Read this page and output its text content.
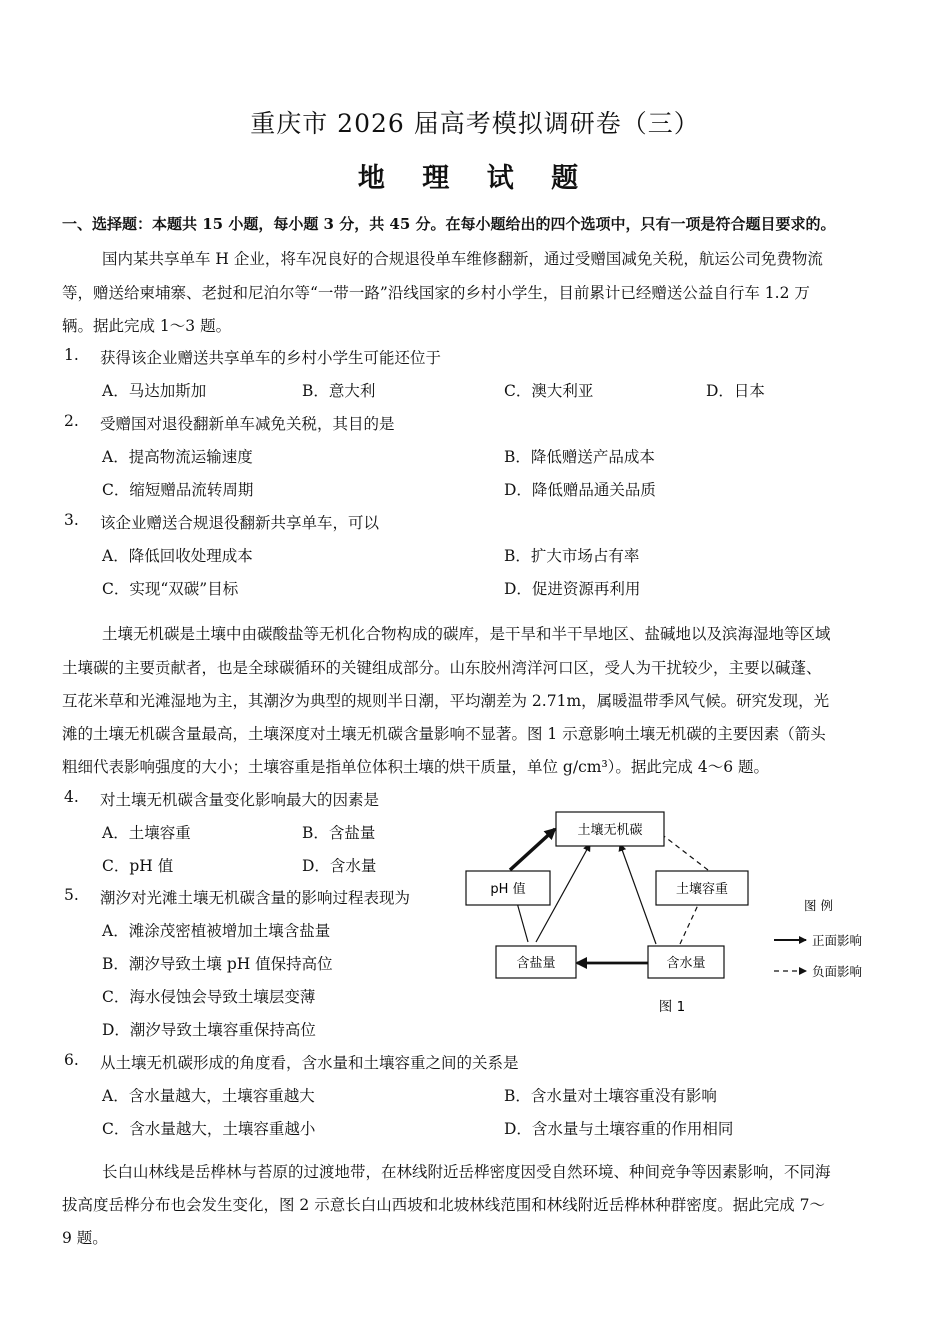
重庆市 2026 届高考模拟调研卷（三）
地 理 试 题
一、选择题：本题共 15 小题，每小题 3 分，共 45 分。在每小题给出的四个选项中，只有一项是符合题目要求的。
国内某共享单车 H 企业，将车况良好的合规退役单车维修翻新，通过受赠国减免关税，航运公司免费物流
等，赠送给柬埔寨、老挝和尼泊尔等“一带一路”沿线国家的乡村小学生，目前累计已经赠送公益自行车 1.2 万
辆。据此完成 1～3 题。
1. 获得该企业赠送共享单车的乡村小学生可能还位于
A．马达加斯加	B．意大利	C．澳大利亚	D．日本
2. 受赠国对退役翻新单车减免关税，其目的是
A．提高物流运输速度	B．降低赠送产品成本
C．缩短赠品流转周期	D．降低赠品通关品质
3. 该企业赠送合规退役翻新共享单车，可以
A．降低回收处理成本	B．扩大市场占有率
C．实现“双碳”目标	D．促进资源再利用
土壤无机碳是土壤中由碳酸盐等无机化合物构成的碳库，是干旱和半干旱地区、盐碱地以及滨海湿地等区域
土壤碳的主要贡献者，也是全球碳循环的关键组成部分。山东胶州湾洋河口区，受人为干扰较少，主要以碱蓬、
互花米草和光滩湿地为主，其潮汐为典型的规则半日潮，平均潮差为 2.71m，属暖温带季风气候。研究发现，光
滩的土壤无机碳含量最高，土壤深度对土壤无机碳含量影响不显著。图 1 示意影响土壤无机碳的主要因素（箭头
粗细代表影响强度的大小；土壤容重是指单位体积土壤的烘干质量，单位 g/cm³）。据此完成 4～6 题。
4. 对土壤无机碳含量变化影响最大的因素是
A．土壤容重	B．含盐量
C．pH 值	D．含水量
5. 潮汐对光滩土壤无机碳含量的影响过程表现为
A．滩涂茂密植被增加土壤含盐量
B．潮汐导致土壤 pH 值保持高位
C．海水侵蚀会导致土壤层变薄
D．潮汐导致土壤容重保持高位
6. 从土壤无机碳形成的角度看，含水量和土壤容重之间的关系是
A．含水量越大，土壤容重越大	B．含水量对土壤容重没有影响
C．含水量越大，土壤容重越小	D．含水量与土壤容重的作用相同
长白山林线是岳桦林与苔原的过渡地带，在林线附近岳桦密度因受自然环境、种间竞争等因素影响，不同海
拔高度岳桦分布也会发生变化，图 2 示意长白山西坡和北坡林线范围和林线附近岳桦林种群密度。据此完成 7～
9 题。
土壤无机碳
pH 值	土壤容重
含盐量	含水量
图 例
正面影响
负面影响
图 1
